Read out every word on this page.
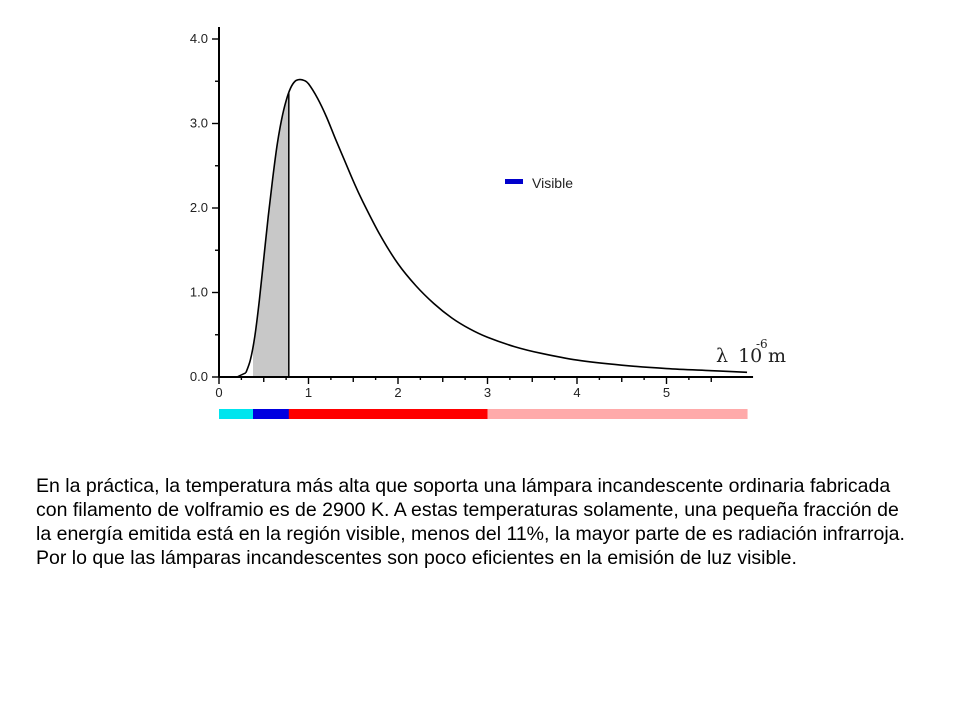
0	1	2	3	4	5
0.0
1.0
2.0
3.0
4.0
Visible
λ 10
-6
m

En la práctica, la temperatura más alta que soporta una lámpara incandescente ordinaria fabricada con filamento de volframio es de 2900 K. A estas temperaturas solamente, una pequeña fracción de la energía emitida está en la región visible, menos del 11%, la mayor parte de es radiación infrarroja. Por lo que las lámparas incandescentes son poco eficientes en la emisión de luz visible.
